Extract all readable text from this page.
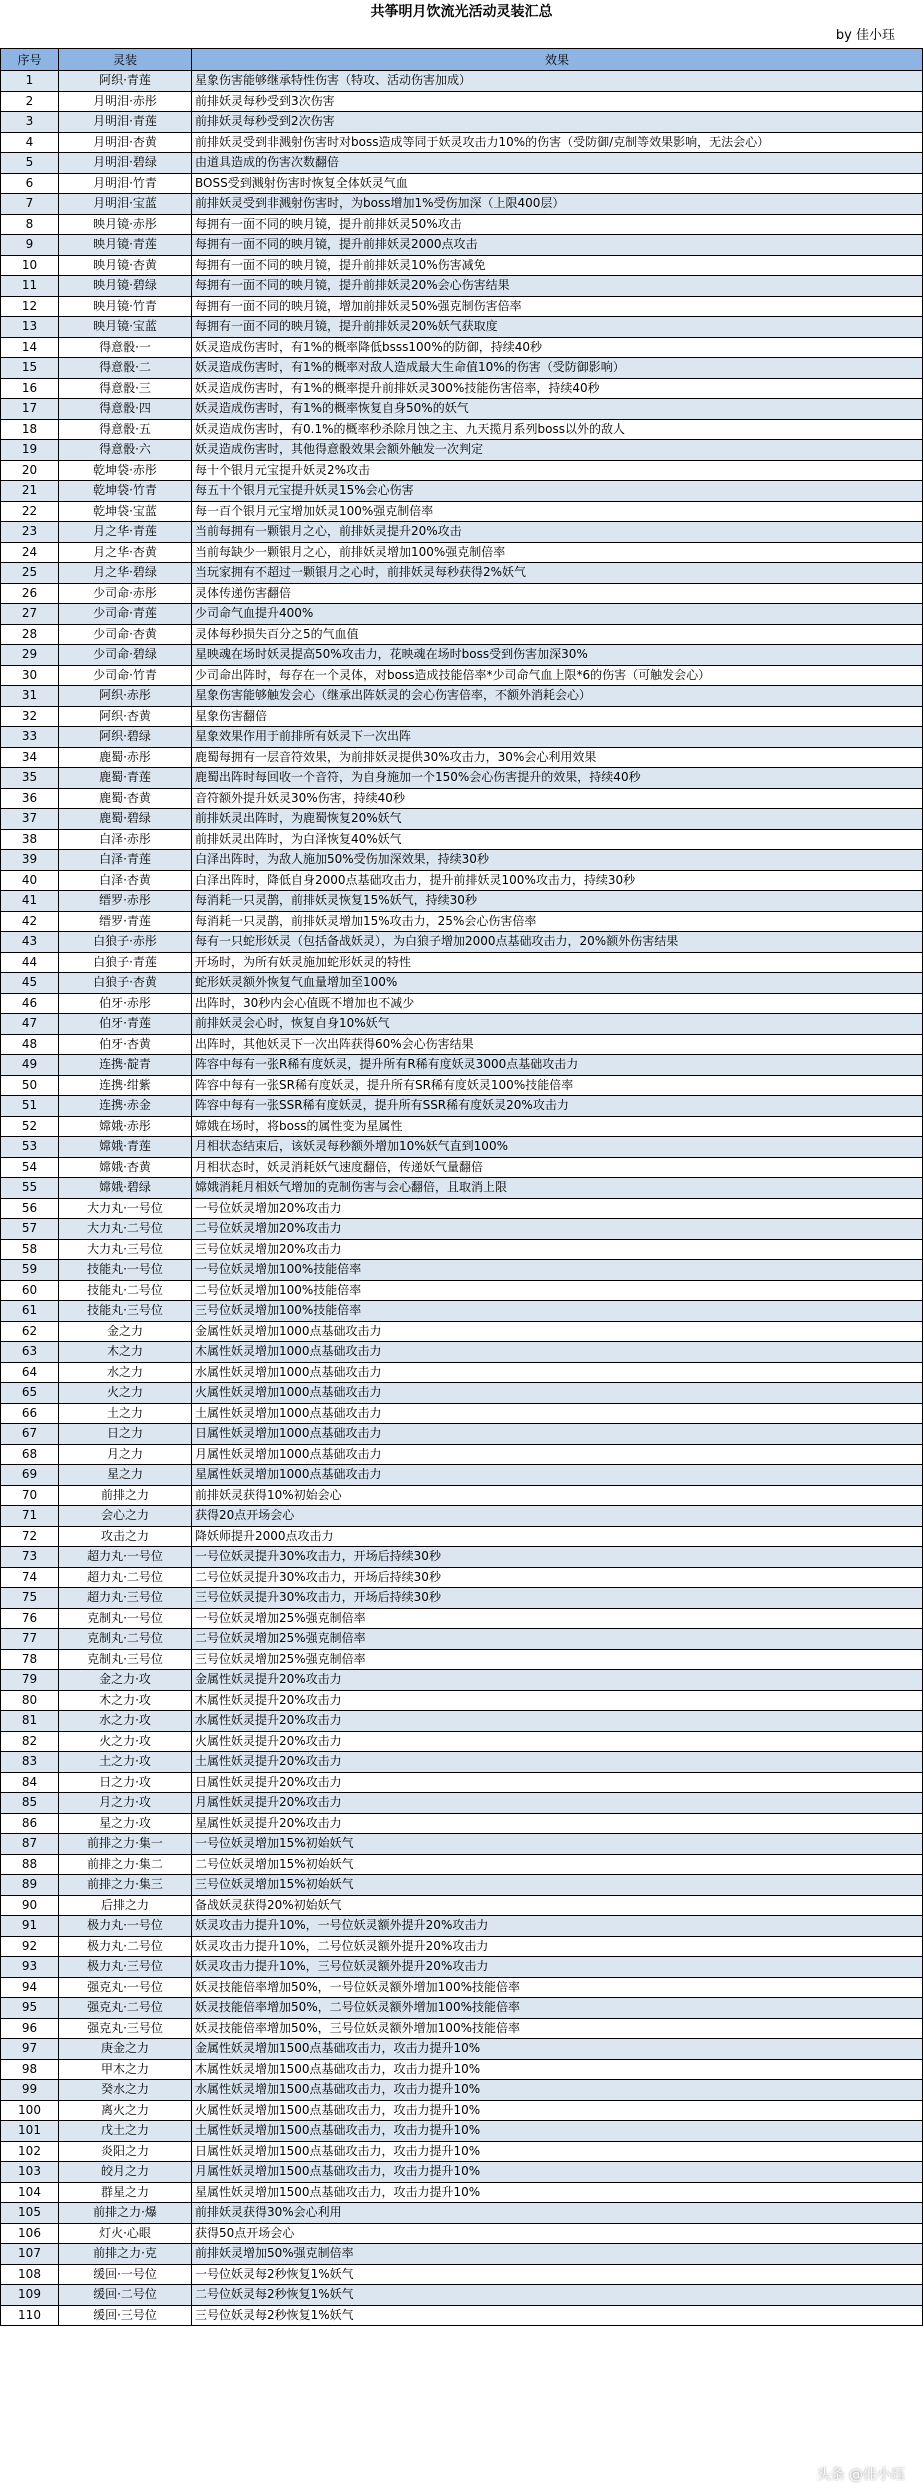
共筝明月饮流光活动灵装汇总
by 佳小珏
序号	灵装	效果
1	阿织·青莲	星象伤害能够继承特性伤害（特攻、活动伤害加成）
2	月明泪·赤彤	前排妖灵每秒受到3次伤害
3	月明泪·青莲	前排妖灵每秒受到2次伤害
4	月明泪·杏黄	前排妖灵受到非溅射伤害时对boss造成等同于妖灵攻击力10%的伤害（受防御/克制等效果影响，无法会心）
5	月明泪·碧绿	由道具造成的伤害次数翻倍
6	月明泪·竹青	BOSS受到溅射伤害时恢复全体妖灵气血
7	月明泪·宝蓝	前排妖灵受到非溅射伤害时，为boss增加1%受伤加深（上限400层）
8	映月镜·赤彤	每拥有一面不同的映月镜，提升前排妖灵50%攻击
9	映月镜·青莲	每拥有一面不同的映月镜，提升前排妖灵2000点攻击
10	映月镜·杏黄	每拥有一面不同的映月镜，提升前排妖灵10%伤害减免
11	映月镜·碧绿	每拥有一面不同的映月镜，提升前排妖灵20%会心伤害结果
12	映月镜·竹青	每拥有一面不同的映月镜，增加前排妖灵50%强克制伤害倍率
13	映月镜·宝蓝	每拥有一面不同的映月镜，提升前排妖灵20%妖气获取度
14	得意骰·一	妖灵造成伤害时，有1%的概率降低bsss100%的防御，持续40秒
15	得意骰·二	妖灵造成伤害时，有1%的概率对敌人造成最大生命值10%的伤害（受防御影响）
16	得意骰·三	妖灵造成伤害时，有1%的概率提升前排妖灵300%技能伤害倍率，持续40秒
17	得意骰·四	妖灵造成伤害时，有1%的概率恢复自身50%的妖气
18	得意骰·五	妖灵造成伤害时，有0.1%的概率秒杀除月蚀之主、九天揽月系列boss以外的敌人
19	得意骰·六	妖灵造成伤害时，其他得意骰效果会额外触发一次判定
20	乾坤袋·赤彤	每十个银月元宝提升妖灵2%攻击
21	乾坤袋·竹青	每五十个银月元宝提升妖灵15%会心伤害
22	乾坤袋·宝蓝	每一百个银月元宝增加妖灵100%强克制倍率
23	月之华·青莲	当前每拥有一颗银月之心，前排妖灵提升20%攻击
24	月之华·杏黄	当前每缺少一颗银月之心，前排妖灵增加100%强克制倍率
25	月之华·碧绿	当玩家拥有不超过一颗银月之心时，前排妖灵每秒获得2%妖气
26	少司命·赤彤	灵体传递伤害翻倍
27	少司命·青莲	少司命气血提升400%
28	少司命·杏黄	灵体每秒损失百分之5的气血值
29	少司命·碧绿	星映魂在场时妖灵提高50%攻击力，花映魂在场时boss受到伤害加深30%
30	少司命·竹青	少司命出阵时，每存在一个灵体，对boss造成技能倍率*少司命气血上限*6的伤害（可触发会心）
31	阿织·赤彤	星象伤害能够触发会心（继承出阵妖灵的会心伤害倍率，不额外消耗会心）
32	阿织·杏黄	星象伤害翻倍
33	阿织·碧绿	星象效果作用于前排所有妖灵下一次出阵
34	鹿蜀·赤彤	鹿蜀每拥有一层音符效果，为前排妖灵提供30%攻击力，30%会心利用效果
35	鹿蜀·青莲	鹿蜀出阵时每回收一个音符，为自身施加一个150%会心伤害提升的效果，持续40秒
36	鹿蜀·杏黄	音符额外提升妖灵30%伤害，持续40秒
37	鹿蜀·碧绿	前排妖灵出阵时，为鹿蜀恢复20%妖气
38	白泽·赤彤	前排妖灵出阵时，为白泽恢复40%妖气
39	白泽·青莲	白泽出阵时，为敌人施加50%受伤加深效果，持续30秒
40	白泽·杏黄	白泽出阵时，降低自身2000点基础攻击力，提升前排妖灵100%攻击力，持续30秒
41	缙罗·赤彤	每消耗一只灵鹊，前排妖灵恢复15%妖气，持续30秒
42	缙罗·青莲	每消耗一只灵鹊，前排妖灵增加15%攻击力，25%会心伤害倍率
43	白狼子·赤彤	每有一只蛇形妖灵（包括备战妖灵），为白狼子增加2000点基础攻击力，20%额外伤害结果
44	白狼子·青莲	开场时，为所有妖灵施加蛇形妖灵的特性
45	白狼子·杏黄	蛇形妖灵额外恢复气血量增加至100%
46	伯牙·赤彤	出阵时，30秒内会心值既不增加也不减少
47	伯牙·青莲	前排妖灵会心时，恢复自身10%妖气
48	伯牙·杏黄	出阵时，其他妖灵下一次出阵获得60%会心伤害结果
49	连携·靛青	阵容中每有一张R稀有度妖灵，提升所有R稀有度妖灵3000点基础攻击力
50	连携·绀紫	阵容中每有一张SR稀有度妖灵，提升所有SR稀有度妖灵100%技能倍率
51	连携·赤金	阵容中每有一张SSR稀有度妖灵，提升所有SSR稀有度妖灵20%攻击力
52	嫦娥·赤彤	嫦娥在场时，将boss的属性变为星属性
53	嫦娥·青莲	月相状态结束后，该妖灵每秒额外增加10%妖气直到100%
54	嫦娥·杏黄	月相状态时，妖灵消耗妖气速度翻倍，传递妖气量翻倍
55	嫦娥·碧绿	嫦娥消耗月相妖气增加的克制伤害与会心翻倍，且取消上限
56	大力丸·一号位	一号位妖灵增加20%攻击力
57	大力丸·二号位	二号位妖灵增加20%攻击力
58	大力丸·三号位	三号位妖灵增加20%攻击力
59	技能丸·一号位	一号位妖灵增加100%技能倍率
60	技能丸·二号位	二号位妖灵增加100%技能倍率
61	技能丸·三号位	三号位妖灵增加100%技能倍率
62	金之力	金属性妖灵增加1000点基础攻击力
63	木之力	木属性妖灵增加1000点基础攻击力
64	水之力	水属性妖灵增加1000点基础攻击力
65	火之力	火属性妖灵增加1000点基础攻击力
66	土之力	土属性妖灵增加1000点基础攻击力
67	日之力	日属性妖灵增加1000点基础攻击力
68	月之力	月属性妖灵增加1000点基础攻击力
69	星之力	星属性妖灵增加1000点基础攻击力
70	前排之力	前排妖灵获得10%初始会心
71	会心之力	获得20点开场会心
72	攻击之力	降妖师提升2000点攻击力
73	超力丸·一号位	一号位妖灵提升30%攻击力，开场后持续30秒
74	超力丸·二号位	二号位妖灵提升30%攻击力，开场后持续30秒
75	超力丸·三号位	三号位妖灵提升30%攻击力，开场后持续30秒
76	克制丸·一号位	一号位妖灵增加25%强克制倍率
77	克制丸·二号位	二号位妖灵增加25%强克制倍率
78	克制丸·三号位	三号位妖灵增加25%强克制倍率
79	金之力·攻	金属性妖灵提升20%攻击力
80	木之力·攻	木属性妖灵提升20%攻击力
81	水之力·攻	水属性妖灵提升20%攻击力
82	火之力·攻	火属性妖灵提升20%攻击力
83	土之力·攻	土属性妖灵提升20%攻击力
84	日之力·攻	日属性妖灵提升20%攻击力
85	月之力·攻	月属性妖灵提升20%攻击力
86	星之力·攻	星属性妖灵提升20%攻击力
87	前排之力·集一	一号位妖灵增加15%初始妖气
88	前排之力·集二	二号位妖灵增加15%初始妖气
89	前排之力·集三	三号位妖灵增加15%初始妖气
90	后排之力	备战妖灵获得20%初始妖气
91	极力丸·一号位	妖灵攻击力提升10%，一号位妖灵额外提升20%攻击力
92	极力丸·二号位	妖灵攻击力提升10%，二号位妖灵额外提升20%攻击力
93	极力丸·三号位	妖灵攻击力提升10%，三号位妖灵额外提升20%攻击力
94	强克丸·一号位	妖灵技能倍率增加50%，一号位妖灵额外增加100%技能倍率
95	强克丸·二号位	妖灵技能倍率增加50%，二号位妖灵额外增加100%技能倍率
96	强克丸·三号位	妖灵技能倍率增加50%，三号位妖灵额外增加100%技能倍率
97	庚金之力	金属性妖灵增加1500点基础攻击力，攻击力提升10%
98	甲木之力	木属性妖灵增加1500点基础攻击力，攻击力提升10%
99	癸水之力	水属性妖灵增加1500点基础攻击力，攻击力提升10%
100	离火之力	火属性妖灵增加1500点基础攻击力，攻击力提升10%
101	戊土之力	土属性妖灵增加1500点基础攻击力，攻击力提升10%
102	炎阳之力	日属性妖灵增加1500点基础攻击力，攻击力提升10%
103	皎月之力	月属性妖灵增加1500点基础攻击力，攻击力提升10%
104	群星之力	星属性妖灵增加1500点基础攻击力，攻击力提升10%
105	前排之力·爆	前排妖灵获得30%会心利用
106	灯火·心眼	获得50点开场会心
107	前排之力·克	前排妖灵增加50%强克制倍率
108	缓回·一号位	一号位妖灵每2秒恢复1%妖气
109	缓回·二号位	二号位妖灵每2秒恢复1%妖气
110	缓回·三号位	三号位妖灵每2秒恢复1%妖气
头条 @佳小珏
